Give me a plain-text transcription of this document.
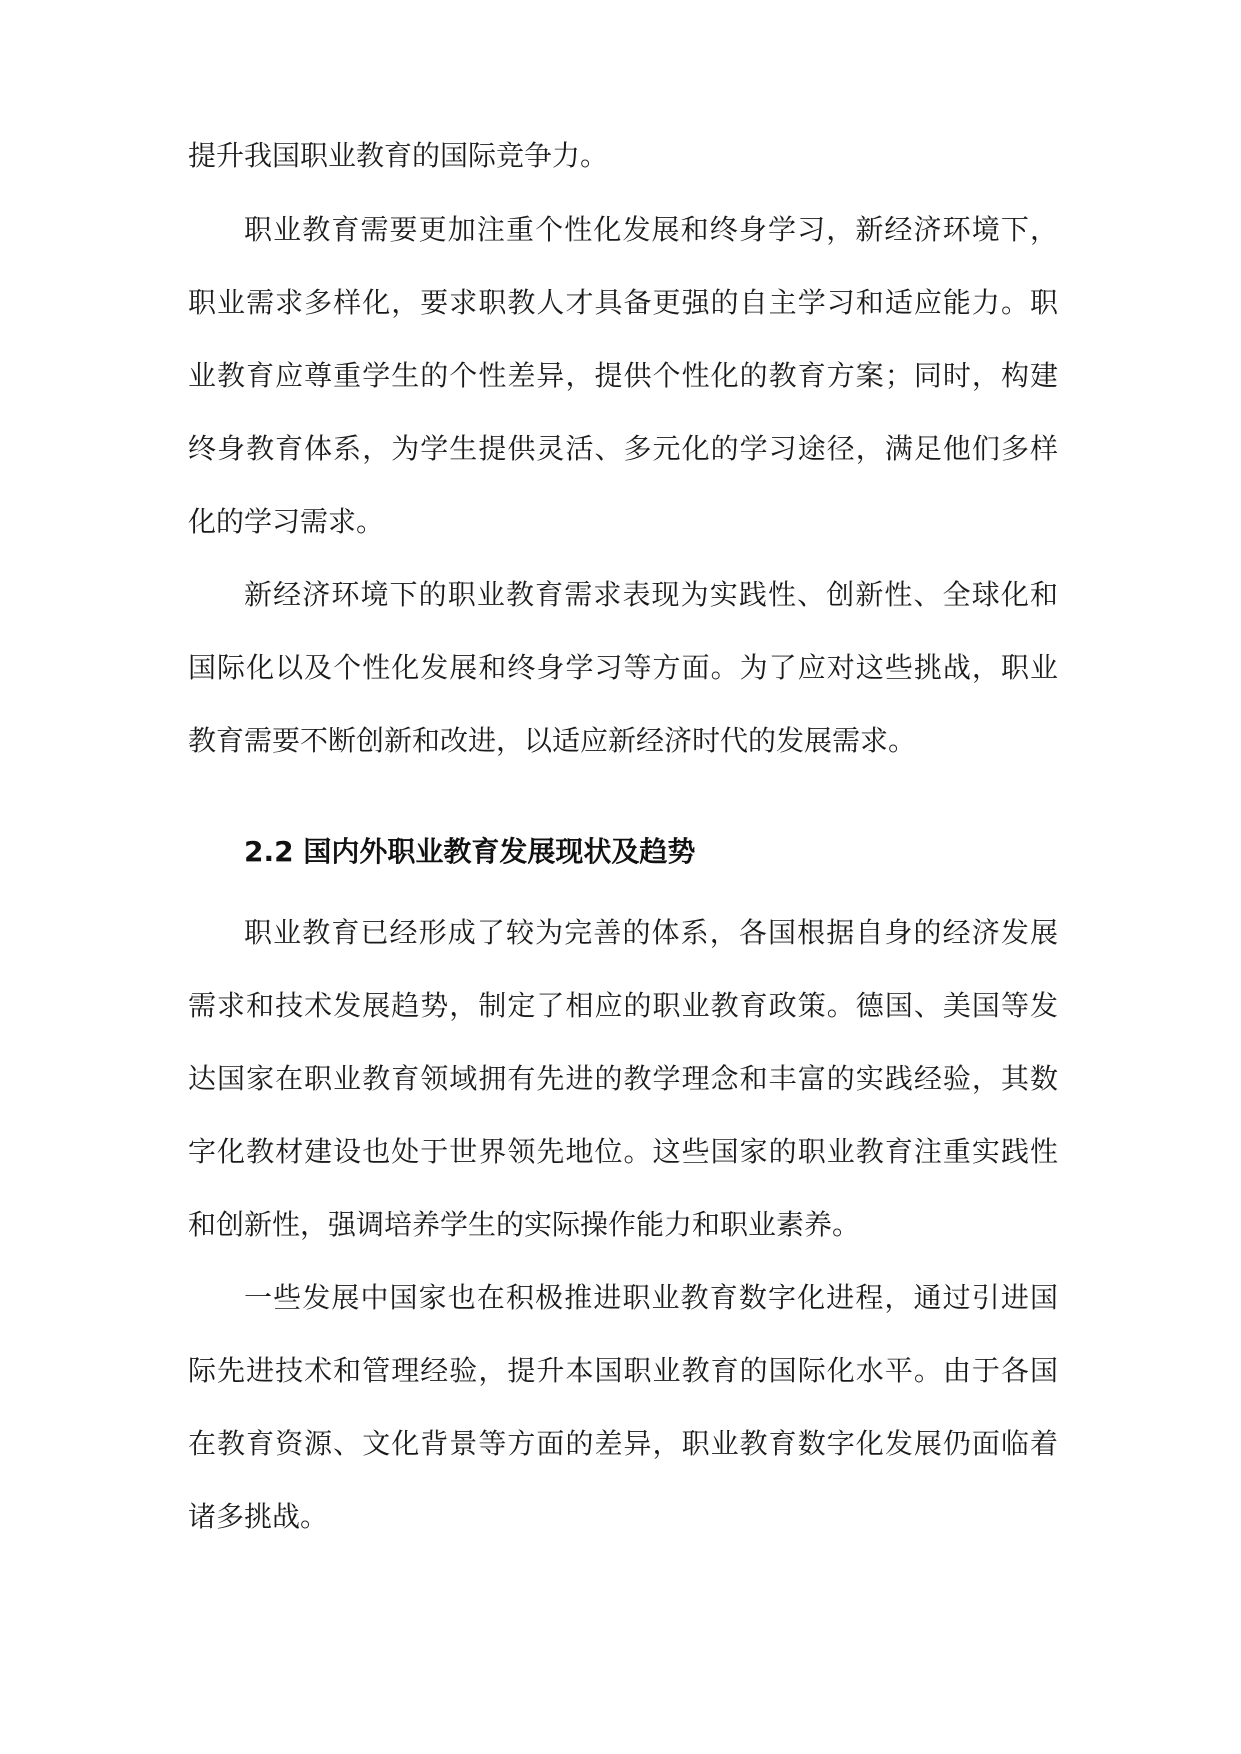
提升我国职业教育的国际竞争力。
职业教育需要更加注重个性化发展和终身学习，新经济环境下，
职业需求多样化，要求职教人才具备更强的自主学习和适应能力。职
业教育应尊重学生的个性差异，提供个性化的教育方案；同时，构建
终身教育体系，为学生提供灵活、多元化的学习途径，满足他们多样
化的学习需求。
新经济环境下的职业教育需求表现为实践性、创新性、全球化和
国际化以及个性化发展和终身学习等方面。为了应对这些挑战，职业
教育需要不断创新和改进，以适应新经济时代的发展需求。
2.2 国内外职业教育发展现状及趋势
职业教育已经形成了较为完善的体系，各国根据自身的经济发展
需求和技术发展趋势，制定了相应的职业教育政策。德国、美国等发
达国家在职业教育领域拥有先进的教学理念和丰富的实践经验，其数
字化教材建设也处于世界领先地位。这些国家的职业教育注重实践性
和创新性，强调培养学生的实际操作能力和职业素养。
一些发展中国家也在积极推进职业教育数字化进程，通过引进国
际先进技术和管理经验，提升本国职业教育的国际化水平。由于各国
在教育资源、文化背景等方面的差异，职业教育数字化发展仍面临着
诸多挑战。
